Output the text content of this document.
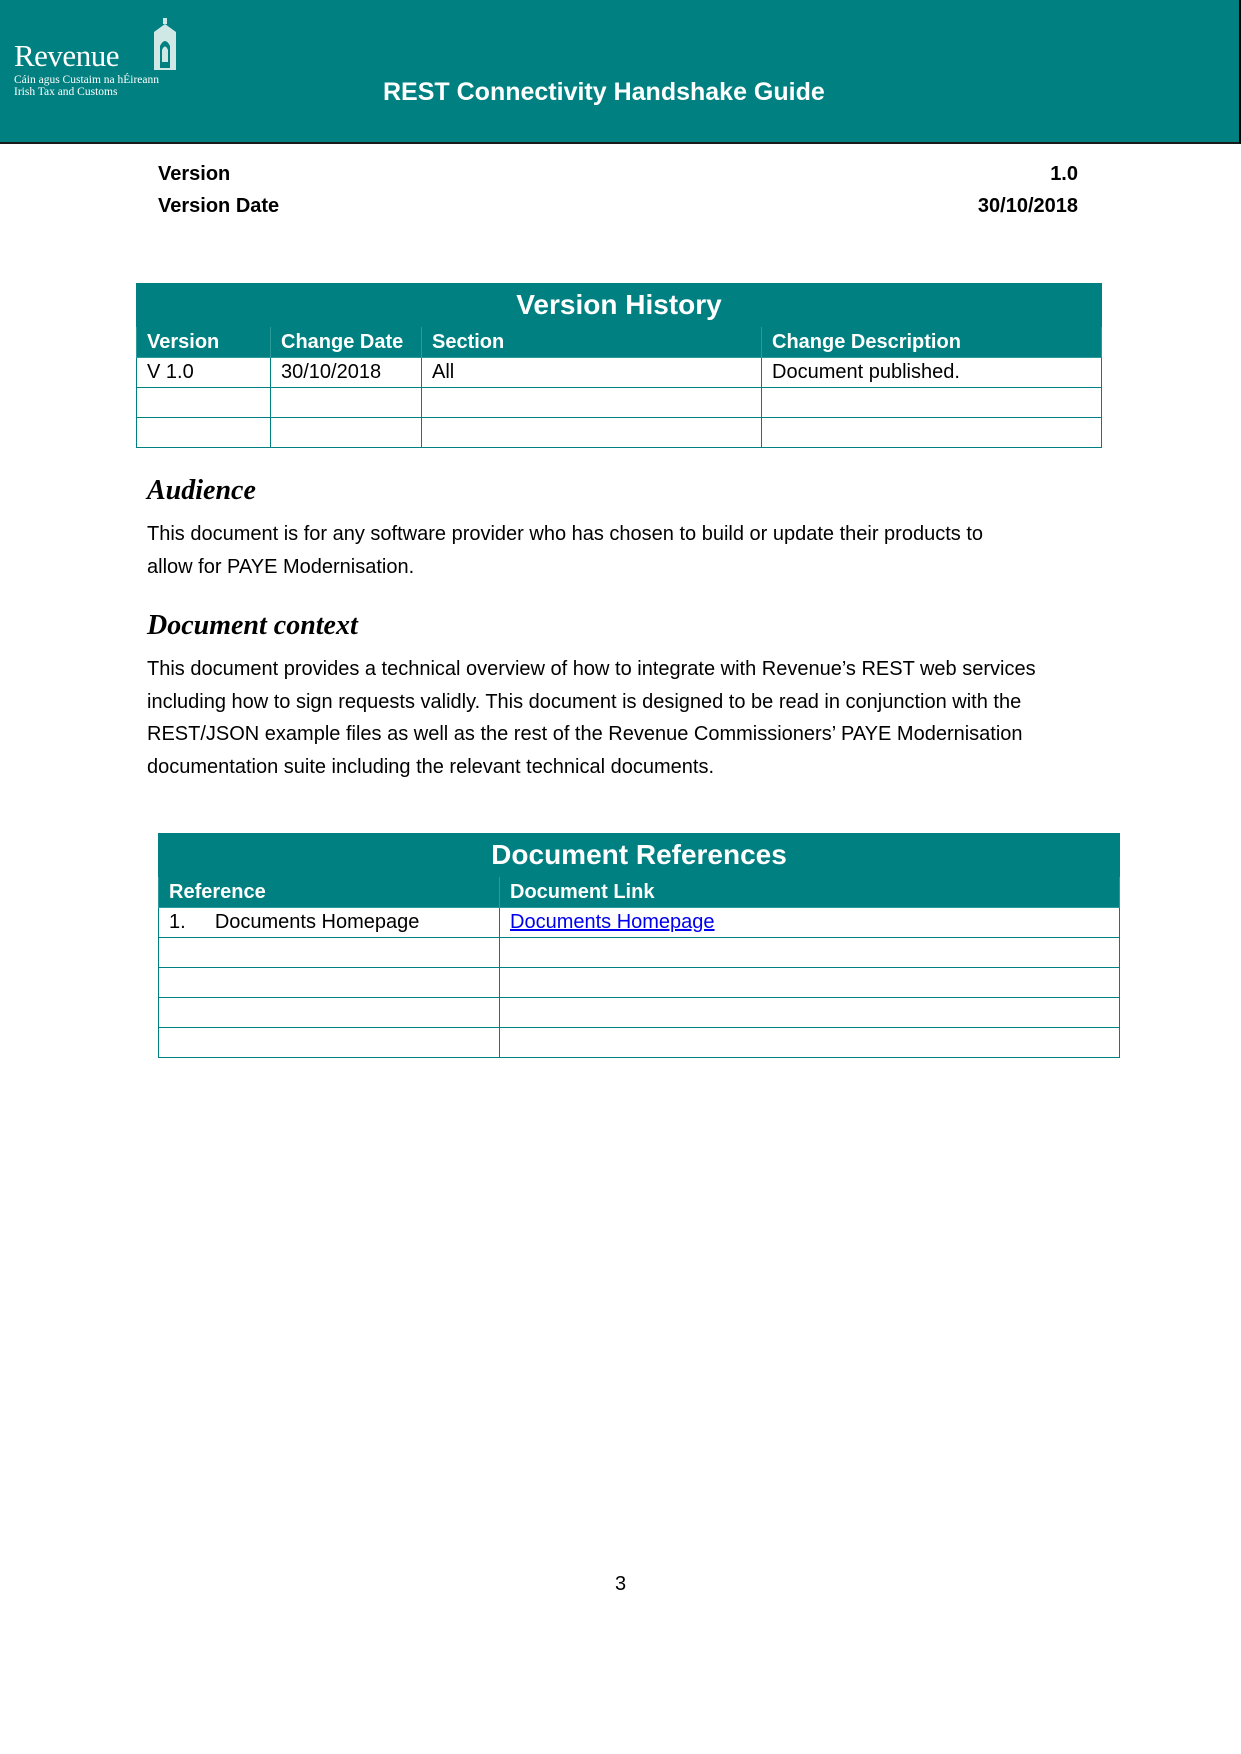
Revenue
Cáin agus Custaim na hÉireann
Irish Tax and Customs	REST Connectivity Handshake Guide
Version	1.0
Version Date	30/10/2018
Version History			
Version	Change Date	Section	Change Description
V 1.0	30/10/2018	All	Document published.

Audience
This document is for any software provider who has chosen to build or update their products to
allow for PAYE Modernisation.
Document context
This document provides a technical overview of how to integrate with Revenue’s REST web services
including how to sign requests validly. This document is designed to be read in conjunction with the
REST/JSON example files as well as the rest of the Revenue Commissioners’ PAYE Modernisation
documentation suite including the relevant technical documents.
Document References	
Reference	Document Link
1. Documents Homepage	Documents Homepage

3
